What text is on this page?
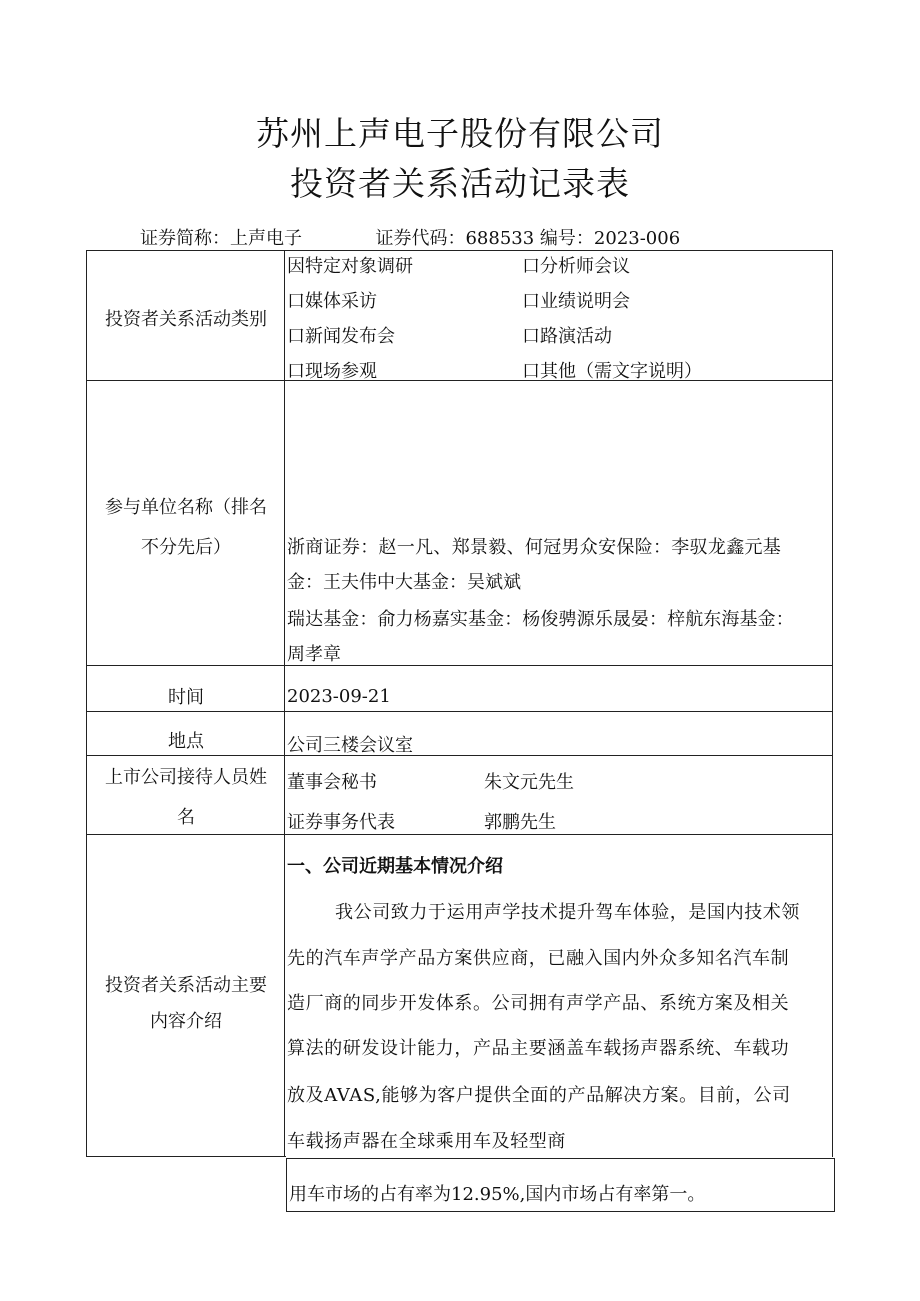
苏州上声电子股份有限公司
投资者关系活动记录表
证券简称：上声电子	证券代码：688533 编号：2023-006
投资者关系活动类别
因特定对象调研	口分析师会议
口媒体采访	口业绩说明会
口新闻发布会	口路演活动
口现场参观	口其他（需文字说明）
参与单位名称（排名
不分先后）	浙商证券：赵一凡、郑景毅、何冠男众安保险：李驭龙鑫元基
金：王夫伟中大基金：吴斌斌
瑞达基金：俞力杨嘉实基金：杨俊骋源乐晟晏：梓航东海基金：
周孝章
时间	2023-09-21
地点	公司三楼会议室
上市公司接待人员姓
名
董事会秘书	朱文元先生
证券事务代表	郭鹏先生
投资者关系活动主要
内容介绍
一、公司近期基本情况介绍
我公司致力于运用声学技术提升驾车体验，是国内技术领
先的汽车声学产品方案供应商，已融入国内外众多知名汽车制
造厂商的同步开发体系。公司拥有声学产品、系统方案及相关
算法的研发设计能力，产品主要涵盖车载扬声器系统、车载功
放及AVAS,能够为客户提供全面的产品解决方案。目前，公司
车载扬声器在全球乘用车及轻型商
用车市场的占有率为12.95%,国内市场占有率第一。
